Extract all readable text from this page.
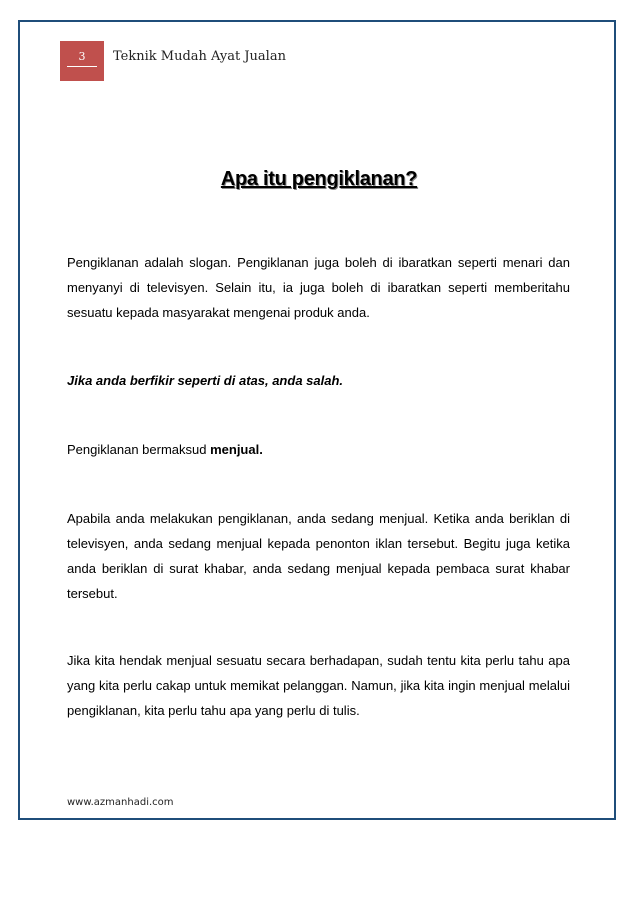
3	Teknik Mudah Ayat Jualan
Apa itu pengiklanan?

Pengiklanan adalah slogan. Pengiklanan juga boleh di ibaratkan seperti menari dan menyanyi di televisyen. Selain itu, ia juga boleh di ibaratkan seperti memberitahu sesuatu kepada masyarakat mengenai produk anda.

Jika anda berfikir seperti di atas, anda salah.

Pengiklanan bermaksud menjual.

Apabila anda melakukan pengiklanan, anda sedang menjual. Ketika anda beriklan di televisyen, anda sedang menjual kepada penonton iklan tersebut. Begitu juga ketika anda beriklan di surat khabar, anda sedang menjual kepada pembaca surat khabar tersebut.

Jika kita hendak menjual sesuatu secara berhadapan, sudah tentu kita perlu tahu apa yang kita perlu cakap untuk memikat pelanggan. Namun, jika kita ingin menjual melalui pengiklanan, kita perlu tahu apa yang perlu di tulis.

www.azmanhadi.com
